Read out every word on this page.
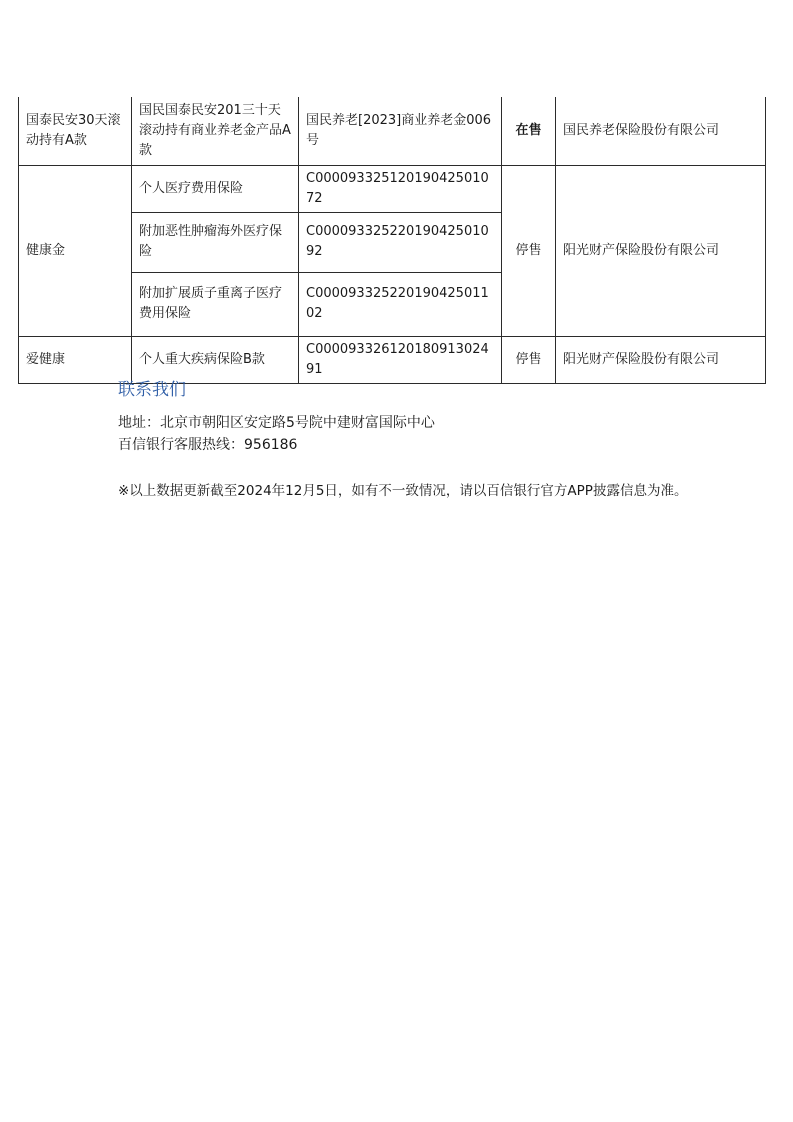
国泰民安30天滚动持有A款	国民国泰民安201三十天滚动持有商业养老金产品A款	国民养老[2023]商业养老金006号	在售	国民养老保险股份有限公司
健康金	个人医疗费用保险	C00009332512019042501072	停售	阳光财产保险股份有限公司
	附加恶性肿瘤海外医疗保险	C00009332522019042501092		
	附加扩展质子重离子医疗费用保险	C00009332522019042501102		
爱健康	个人重大疾病保险B款	C00009332612018091302491	停售	阳光财产保险股份有限公司
联系我们

地址：北京市朝阳区安定路5号院中建财富国际中心

百信银行客服热线：956186

※以上数据更新截至2024年12月5日，如有不一致情况，请以百信银行官方APP披露信息为准。
